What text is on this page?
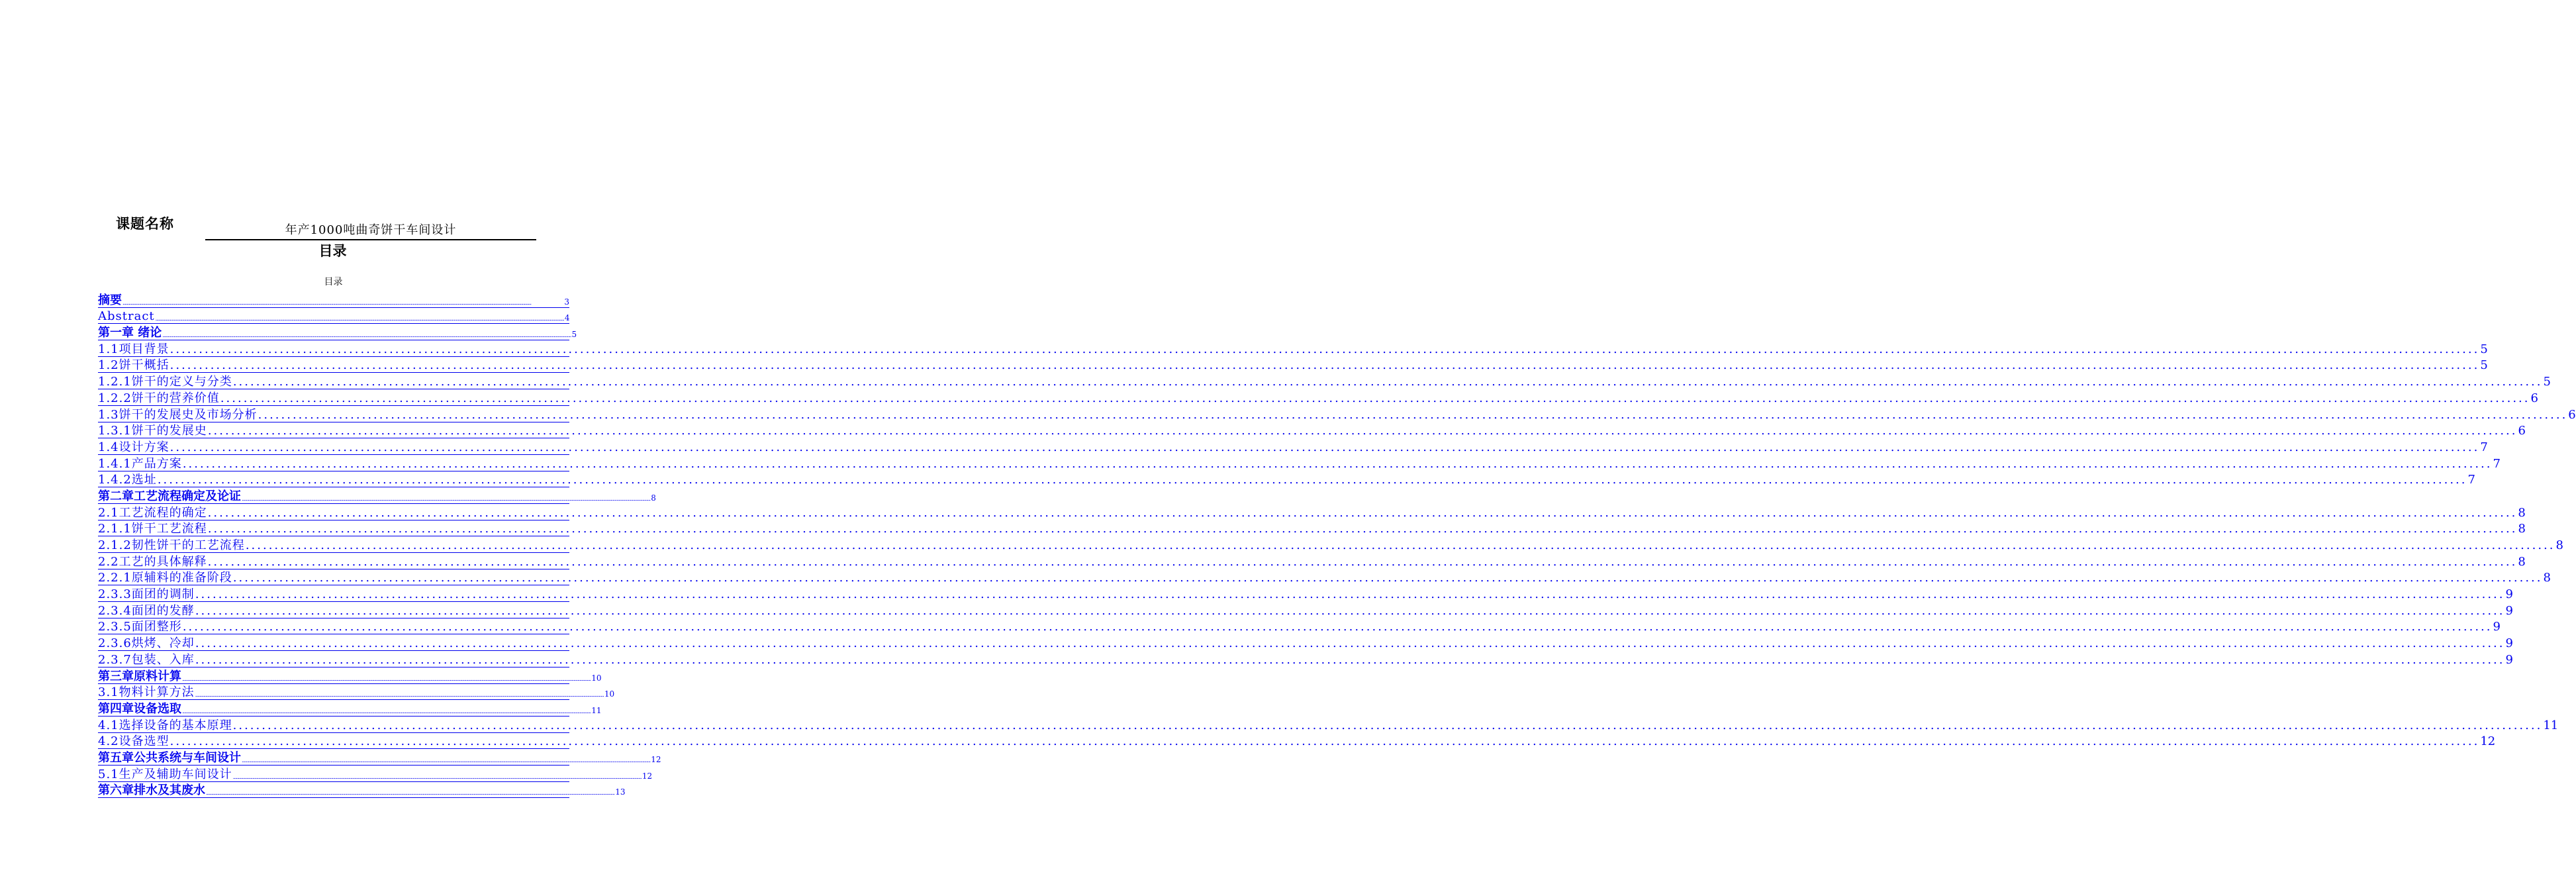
课题名称	年产1000吨曲奇饼干车间设计
目录
目录
摘要 ................................................................................................................................................................................................................................................................................................................................................................................................................	3
Abstract ................................................................................................................................................................................................................................................................................................................................................................................................................ 4
第一章 绪论 ................................................................................................................................................................................................................................................................................................................................................................................................................ 5
1.1项目背景 ................................................................................................................................................................................................................................................................................................................................................................................................................ 5
1.2饼干概括 ................................................................................................................................................................................................................................................................................................................................................................................................................ 5
1.2.1饼干的定义与分类 ................................................................................................................................................................................................................................................................................................................................................................................................................ 5
1.2.2饼干的营养价值 ................................................................................................................................................................................................................................................................................................................................................................................................................ 6
1.3饼干的发展史及市场分析 ................................................................................................................................................................................................................................................................................................................................................................................................................ 6
1.3.1饼干的发展史 ................................................................................................................................................................................................................................................................................................................................................................................................................ 6
1.4设计方案 ................................................................................................................................................................................................................................................................................................................................................................................................................ 7
1.4.1产品方案 ................................................................................................................................................................................................................................................................................................................................................................................................................ 7
1.4.2选址 ................................................................................................................................................................................................................................................................................................................................................................................................................ 7
第二章工艺流程确定及论证 ................................................................................................................................................................................................................................................................................................................................................................................................................ 8
2.1工艺流程的确定 ................................................................................................................................................................................................................................................................................................................................................................................................................ 8
2.1.1饼干工艺流程 ................................................................................................................................................................................................................................................................................................................................................................................................................ 8
2.1.2韧性饼干的工艺流程 ................................................................................................................................................................................................................................................................................................................................................................................................................ 8
2.2工艺的具体解释 ................................................................................................................................................................................................................................................................................................................................................................................................................ 8
2.2.1原辅料的准备阶段 ................................................................................................................................................................................................................................................................................................................................................................................................................ 8
2.3.3面团的调制 ................................................................................................................................................................................................................................................................................................................................................................................................................ 9
2.3.4面团的发酵 ................................................................................................................................................................................................................................................................................................................................................................................................................ 9
2.3.5面团整形 ................................................................................................................................................................................................................................................................................................................................................................................................................ 9
2.3.6烘烤、冷却 ................................................................................................................................................................................................................................................................................................................................................................................................................ 9
2.3.7包装、入库 ................................................................................................................................................................................................................................................................................................................................................................................................................ 9
第三章原料计算 ................................................................................................................................................................................................................................................................................................................................................................................................................ 10
3.1物料计算方法 ................................................................................................................................................................................................................................................................................................................................................................................................................ 10
第四章设备选取 ................................................................................................................................................................................................................................................................................................................................................................................................................ 11
4.1选择设备的基本原理 ................................................................................................................................................................................................................................................................................................................................................................................................................ 11
4.2设备选型 ................................................................................................................................................................................................................................................................................................................................................................................................................ 12
第五章公共系统与车间设计 ................................................................................................................................................................................................................................................................................................................................................................................................................ 12
5.1生产及辅助车间设计 ................................................................................................................................................................................................................................................................................................................................................................................................................ 12
第六章排水及其废水 ................................................................................................................................................................................................................................................................................................................................................................................................................ 13
